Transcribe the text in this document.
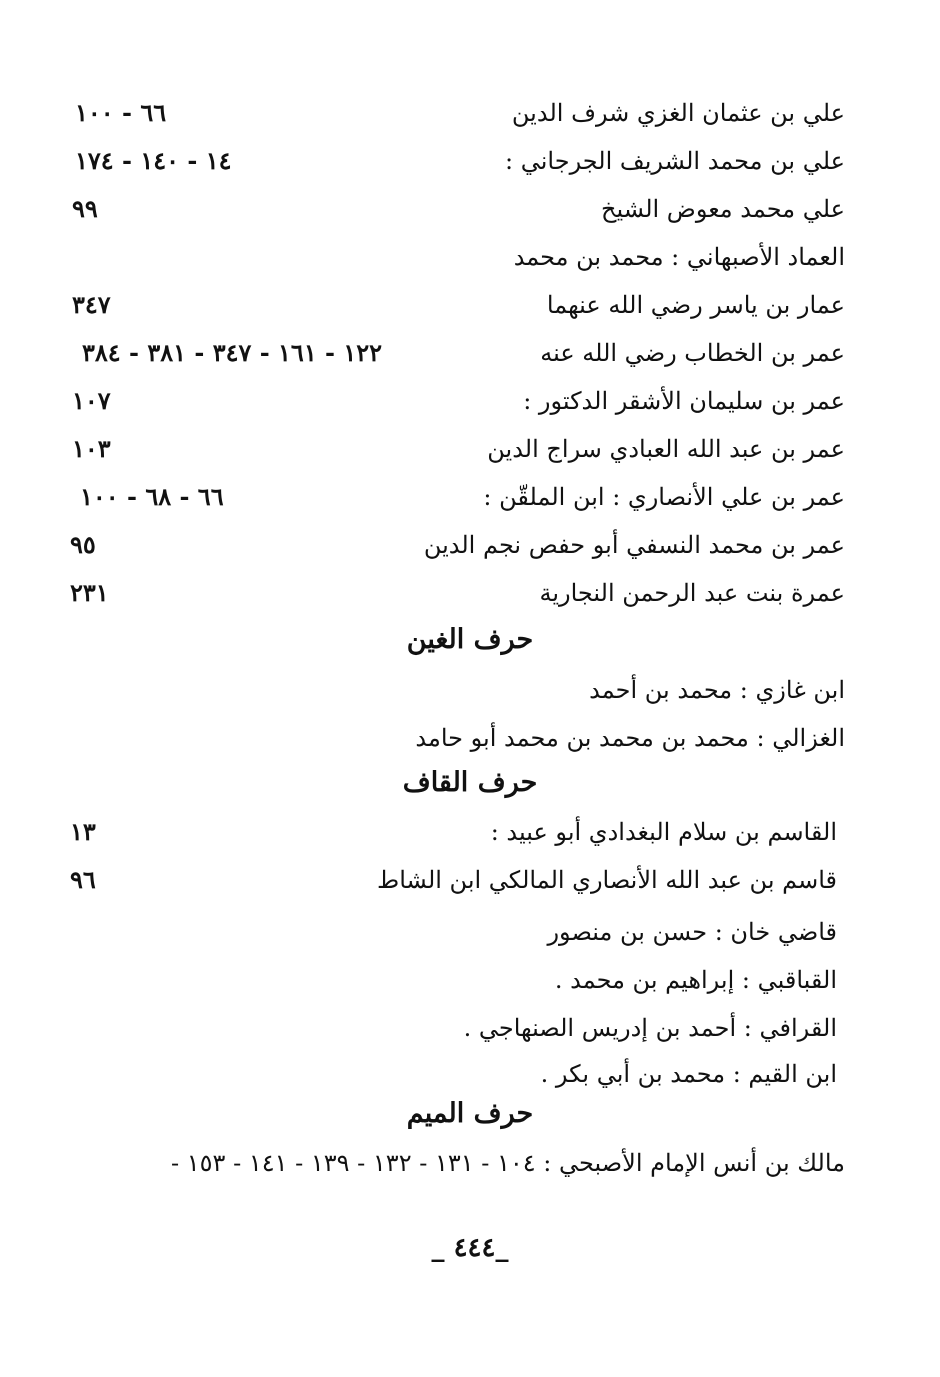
علي بن عثمان الغزي شرف الدين
٦٦ - ١٠٠
علي بن محمد الشريف الجرجاني :
١٤ - ١٤٠ - ١٧٤
علي محمد معوض الشيخ
٩٩
العماد الأصبهاني : محمد بن محمد
عمار بن ياسر رضي الله عنهما
٣٤٧
عمر بن الخطاب رضي الله عنه
١٢٢ - ١٦١ - ٣٤٧ - ٣٨١ - ٣٨٤
عمر بن سليمان الأشقر الدكتور :
١٠٧
عمر بن عبد الله العبادي سراج الدين
١٠٣
عمر بن علي الأنصاري : ابن الملقّن :
٦٦ - ٦٨ - ١٠٠
عمر بن محمد النسفي أبو حفص نجم الدين
٩٥
عمرة بنت عبد الرحمن النجارية
٢٣١
حرف الغين
ابن غازي : محمد بن أحمد
الغزالي : محمد بن محمد بن محمد أبو حامد
حرف القاف
القاسم بن سلام البغدادي أبو عبيد :
١٣
قاسم بن عبد الله الأنصاري المالكي ابن الشاط
٩٦
قاضي خان : حسن بن منصور
القباقبي : إبراهيم بن محمد .
القرافي : أحمد بن إدريس الصنهاجي .
ابن القيم : محمد بن أبي بكر .
حرف الميم
مالك بن أنس الإمام الأصبحي : ١٠٤ - ١٣١ - ١٣٢ - ١٣٩ - ١٤١ - ١٥٣ -
_ ٤٤٤_
